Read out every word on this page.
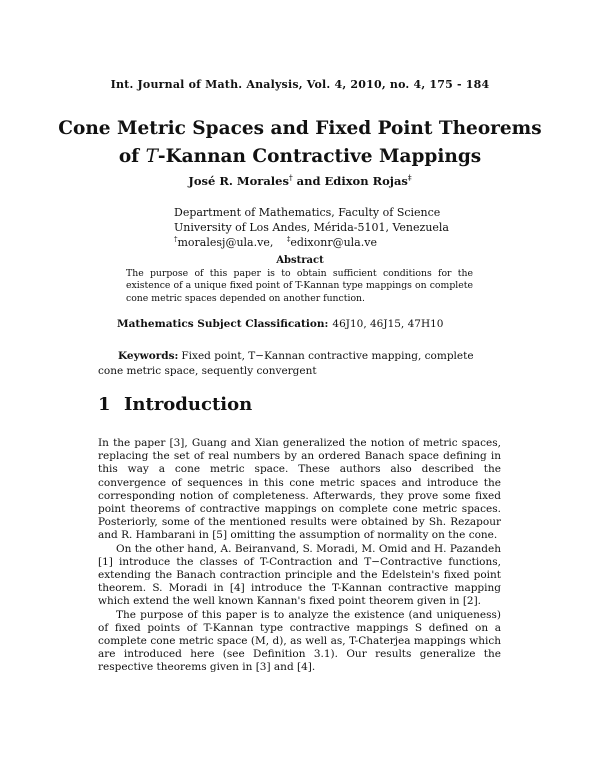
Int. Journal of Math. Analysis, Vol. 4, 2010, no. 4, 175 - 184
Cone Metric Spaces and Fixed Point Theorems
of T-Kannan Contractive Mappings
José R. Morales† and Edixon Rojas‡
Department of Mathematics, Faculty of Science
University of Los Andes, Mérida-5101, Venezuela
†moralesj@ula.ve, ‡edixonr@ula.ve
Abstract
The purpose of this paper is to obtain sufficient conditions for the existence of a unique fixed point of T-Kannan type mappings on complete cone metric spaces depended on another function.
Mathematics Subject Classification: 46J10, 46J15, 47H10
Keywords: Fixed point, T−Kannan contractive mapping, complete cone metric space, sequently convergent
1 Introduction

In the paper [3], Guang and Xian generalized the notion of metric spaces, replacing the set of real numbers by an ordered Banach space defining in this way a cone metric space. These authors also described the convergence of sequences in this cone metric spaces and introduce the corresponding notion of completeness. Afterwards, they prove some fixed point theorems of contractive mappings on complete cone metric spaces. Posteriorly, some of the mentioned results were obtained by Sh. Rezapour and R. Hambarani in [5] omitting the assumption of normality on the cone.

On the other hand, A. Beiranvand, S. Moradi, M. Omid and H. Pazandeh [1] introduce the classes of T-Contraction and T−Contractive functions, extending the Banach contraction principle and the Edelstein's fixed point theorem. S. Moradi in [4] introduce the T-Kannan contractive mapping which extend the well known Kannan's fixed point theorem given in [2].

The purpose of this paper is to analyze the existence (and uniqueness) of fixed points of T-Kannan type contractive mappings S defined on a complete cone metric space (M, d), as well as, T-Chaterjea mappings which are introduced here (see Definition 3.1). Our results generalize the respective theorems given in [3] and [4].
